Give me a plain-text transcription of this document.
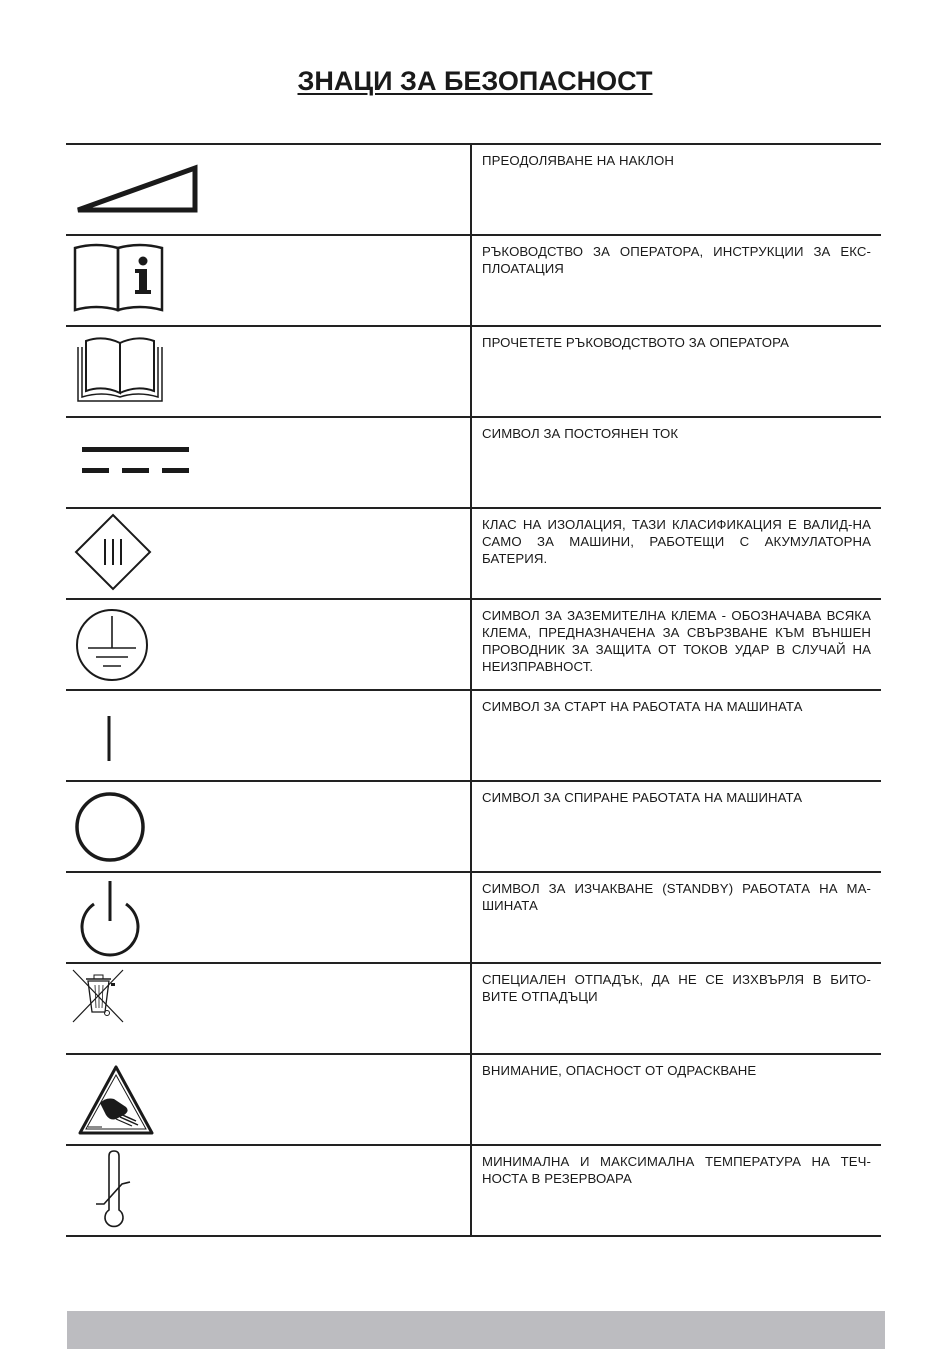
ЗНАЦИ ЗА БЕЗОПАСНОСТ
ПРЕОДОЛЯВАНЕ НА НАКЛОН
РЪКОВОДСТВО ЗА ОПЕРАТОРА, ИНСТРУКЦИИ ЗА ЕКС-ПЛОАТАЦИЯ
ПРОЧЕТЕТЕ РЪКОВОДСТВОТО ЗА ОПЕРАТОРА
СИМВОЛ ЗА ПОСТОЯНЕН ТОК
КЛАС НА ИЗОЛАЦИЯ, ТАЗИ КЛАСИФИКАЦИЯ Е ВАЛИД-НА САМО ЗА МАШИНИ, РАБОТЕЩИ С АКУМУЛАТОРНА БАТЕРИЯ.
СИМВОЛ ЗА ЗАЗЕМИТЕЛНА КЛЕМА - ОБОЗНАЧАВА ВСЯКА КЛЕМА, ПРЕДНАЗНАЧЕНА ЗА СВЪРЗВАНЕ КЪМ ВЪНШЕН ПРОВОДНИК ЗА ЗАЩИТА ОТ ТОКОВ УДАР В СЛУЧАЙ НА НЕИЗПРАВНОСТ.
СИМВОЛ ЗА СТАРТ НА РАБОТАТА НА МАШИНАТА
СИМВОЛ ЗА СПИРАНЕ РАБОТАТА НА МАШИНАТА
СИМВОЛ ЗА ИЗЧАКВАНЕ (STANDBY) РАБОТАТА НА МА-ШИНАТА
СПЕЦИАЛЕН ОТПАДЪК, ДА НЕ СЕ ИЗХВЪРЛЯ В БИТО-ВИТЕ ОТПАДЪЦИ
ВНИМАНИЕ, ОПАСНОСТ ОТ ОДРАСКВАНЕ
МИНИМАЛНА И МАКСИМАЛНА ТЕМПЕРАТУРА НА ТЕЧ-НОСТА В РЕЗЕРВОАРА
